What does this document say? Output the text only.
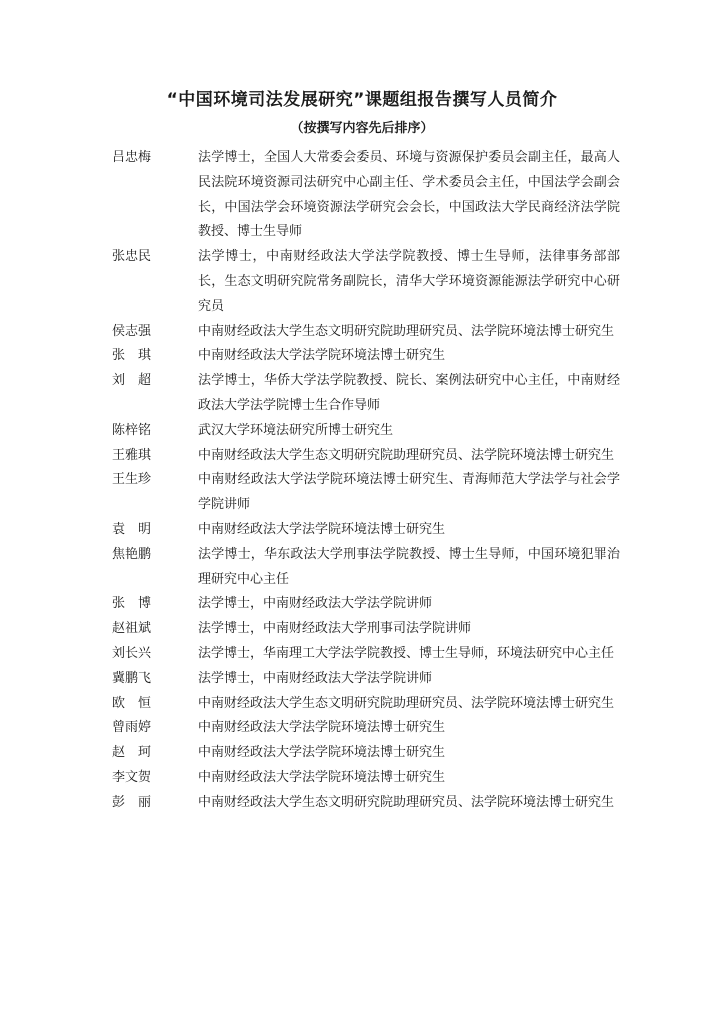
“中国环境司法发展研究”课题组报告撰写人员简介
（按撰写内容先后排序）
吕忠梅	法学博士，全国人大常委会委员、环境与资源保护委员会副主任，最高人民法院环境资源司法研究中心副主任、学术委员会主任，中国法学会副会长，中国法学会环境资源法学研究会会长，中国政法大学民商经济法学院教授、博士生导师
张忠民	法学博士，中南财经政法大学法学院教授、博士生导师，法律事务部部长，生态文明研究院常务副院长，清华大学环境资源能源法学研究中心研究员
侯志强	中南财经政法大学生态文明研究院助理研究员、法学院环境法博士研究生
张　琪	中南财经政法大学法学院环境法博士研究生
刘　超	法学博士，华侨大学法学院教授、院长、案例法研究中心主任，中南财经政法大学法学院博士生合作导师
陈梓铭	武汉大学环境法研究所博士研究生
王雅琪	中南财经政法大学生态文明研究院助理研究员、法学院环境法博士研究生
王生珍	中南财经政法大学法学院环境法博士研究生、青海师范大学法学与社会学学院讲师
袁　明	中南财经政法大学法学院环境法博士研究生
焦艳鹏	法学博士，华东政法大学刑事法学院教授、博士生导师，中国环境犯罪治理研究中心主任
张　博	法学博士，中南财经政法大学法学院讲师
赵祖斌	法学博士，中南财经政法大学刑事司法学院讲师
刘长兴	法学博士，华南理工大学法学院教授、博士生导师，环境法研究中心主任
冀鹏飞	法学博士，中南财经政法大学法学院讲师
欧　恒	中南财经政法大学生态文明研究院助理研究员、法学院环境法博士研究生
曾雨婷	中南财经政法大学法学院环境法博士研究生
赵　珂	中南财经政法大学法学院环境法博士研究生
李文贺	中南财经政法大学法学院环境法博士研究生
彭　丽	中南财经政法大学生态文明研究院助理研究员、法学院环境法博士研究生
